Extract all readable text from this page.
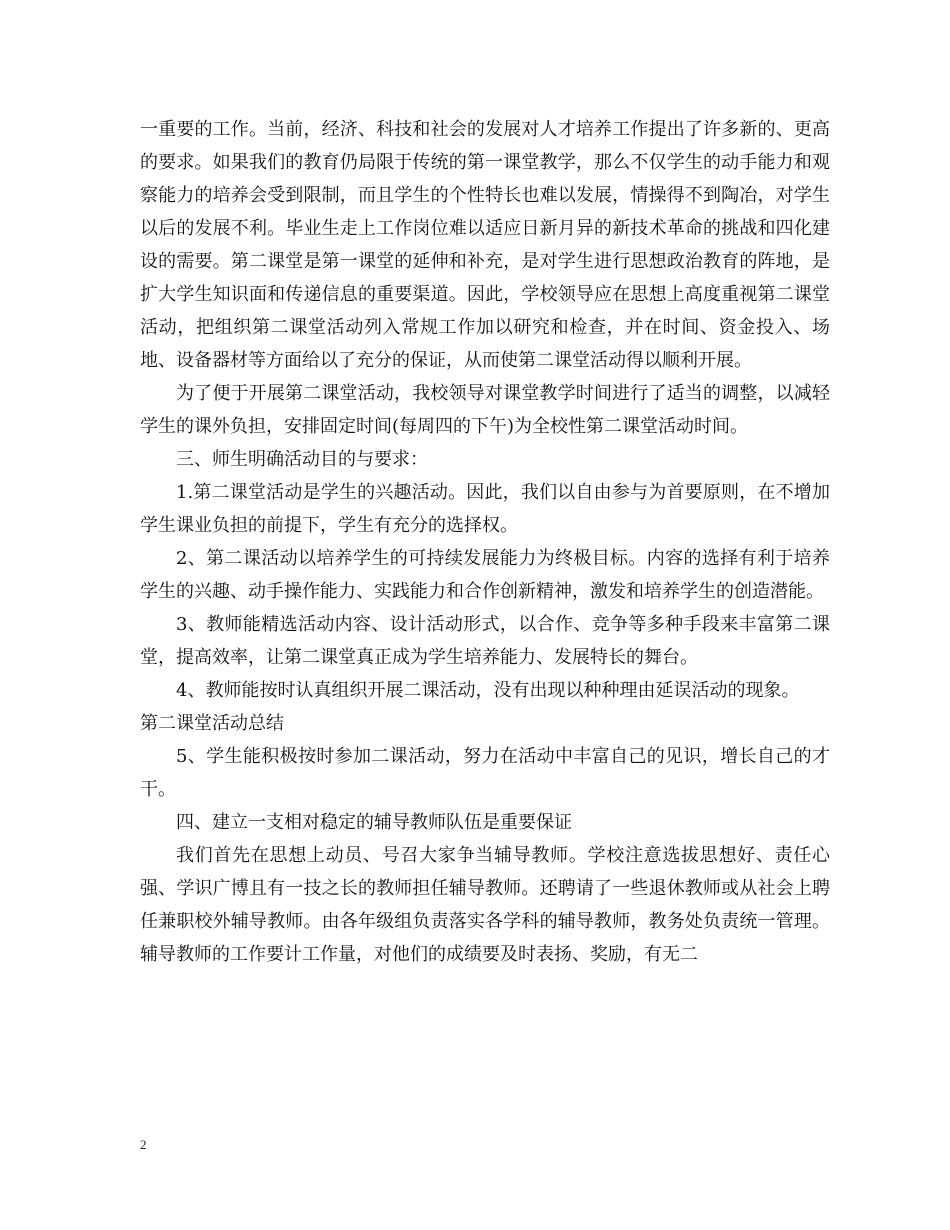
一重要的工作。当前，经济、科技和社会的发展对人才培养工作提出了许多新的、更高的要求。如果我们的教育仍局限于传统的第一课堂教学，那么不仅学生的动手能力和观察能力的培养会受到限制，而且学生的个性特长也难以发展，情操得不到陶冶，对学生以后的发展不利。毕业生走上工作岗位难以适应日新月异的新技术革命的挑战和四化建设的需要。第二课堂是第一课堂的延伸和补充，是对学生进行思想政治教育的阵地，是扩大学生知识面和传递信息的重要渠道。因此，学校领导应在思想上高度重视第二课堂活动，把组织第二课堂活动列入常规工作加以研究和检查，并在时间、资金投入、场地、设备器材等方面给以了充分的保证，从而使第二课堂活动得以顺利开展。

为了便于开展第二课堂活动，我校领导对课堂教学时间进行了适当的调整，以减轻学生的课外负担，安排固定时间(每周四的下午)为全校性第二课堂活动时间。

三、师生明确活动目的与要求：

1.第二课堂活动是学生的兴趣活动。因此，我们以自由参与为首要原则，在不增加学生课业负担的前提下，学生有充分的选择权。

2、第二课活动以培养学生的可持续发展能力为终极目标。内容的选择有利于培养学生的兴趣、动手操作能力、实践能力和合作创新精神，激发和培养学生的创造潜能。

3、教师能精选活动内容、设计活动形式，以合作、竞争等多种手段来丰富第二课堂，提高效率，让第二课堂真正成为学生培养能力、发展特长的舞台。

4、教师能按时认真组织开展二课活动，没有出现以种种理由延误活动的现象。

第二课堂活动总结

5、学生能积极按时参加二课活动，努力在活动中丰富自己的见识，增长自己的才干。

四、建立一支相对稳定的辅导教师队伍是重要保证

我们首先在思想上动员、号召大家争当辅导教师。学校注意选拔思想好、责任心强、学识广博且有一技之长的教师担任辅导教师。还聘请了一些退休教师或从社会上聘任兼职校外辅导教师。由各年级组负责落实各学科的辅导教师，教务处负责统一管理。辅导教师的工作要计工作量，对他们的成绩要及时表扬、奖励，有无二

2
